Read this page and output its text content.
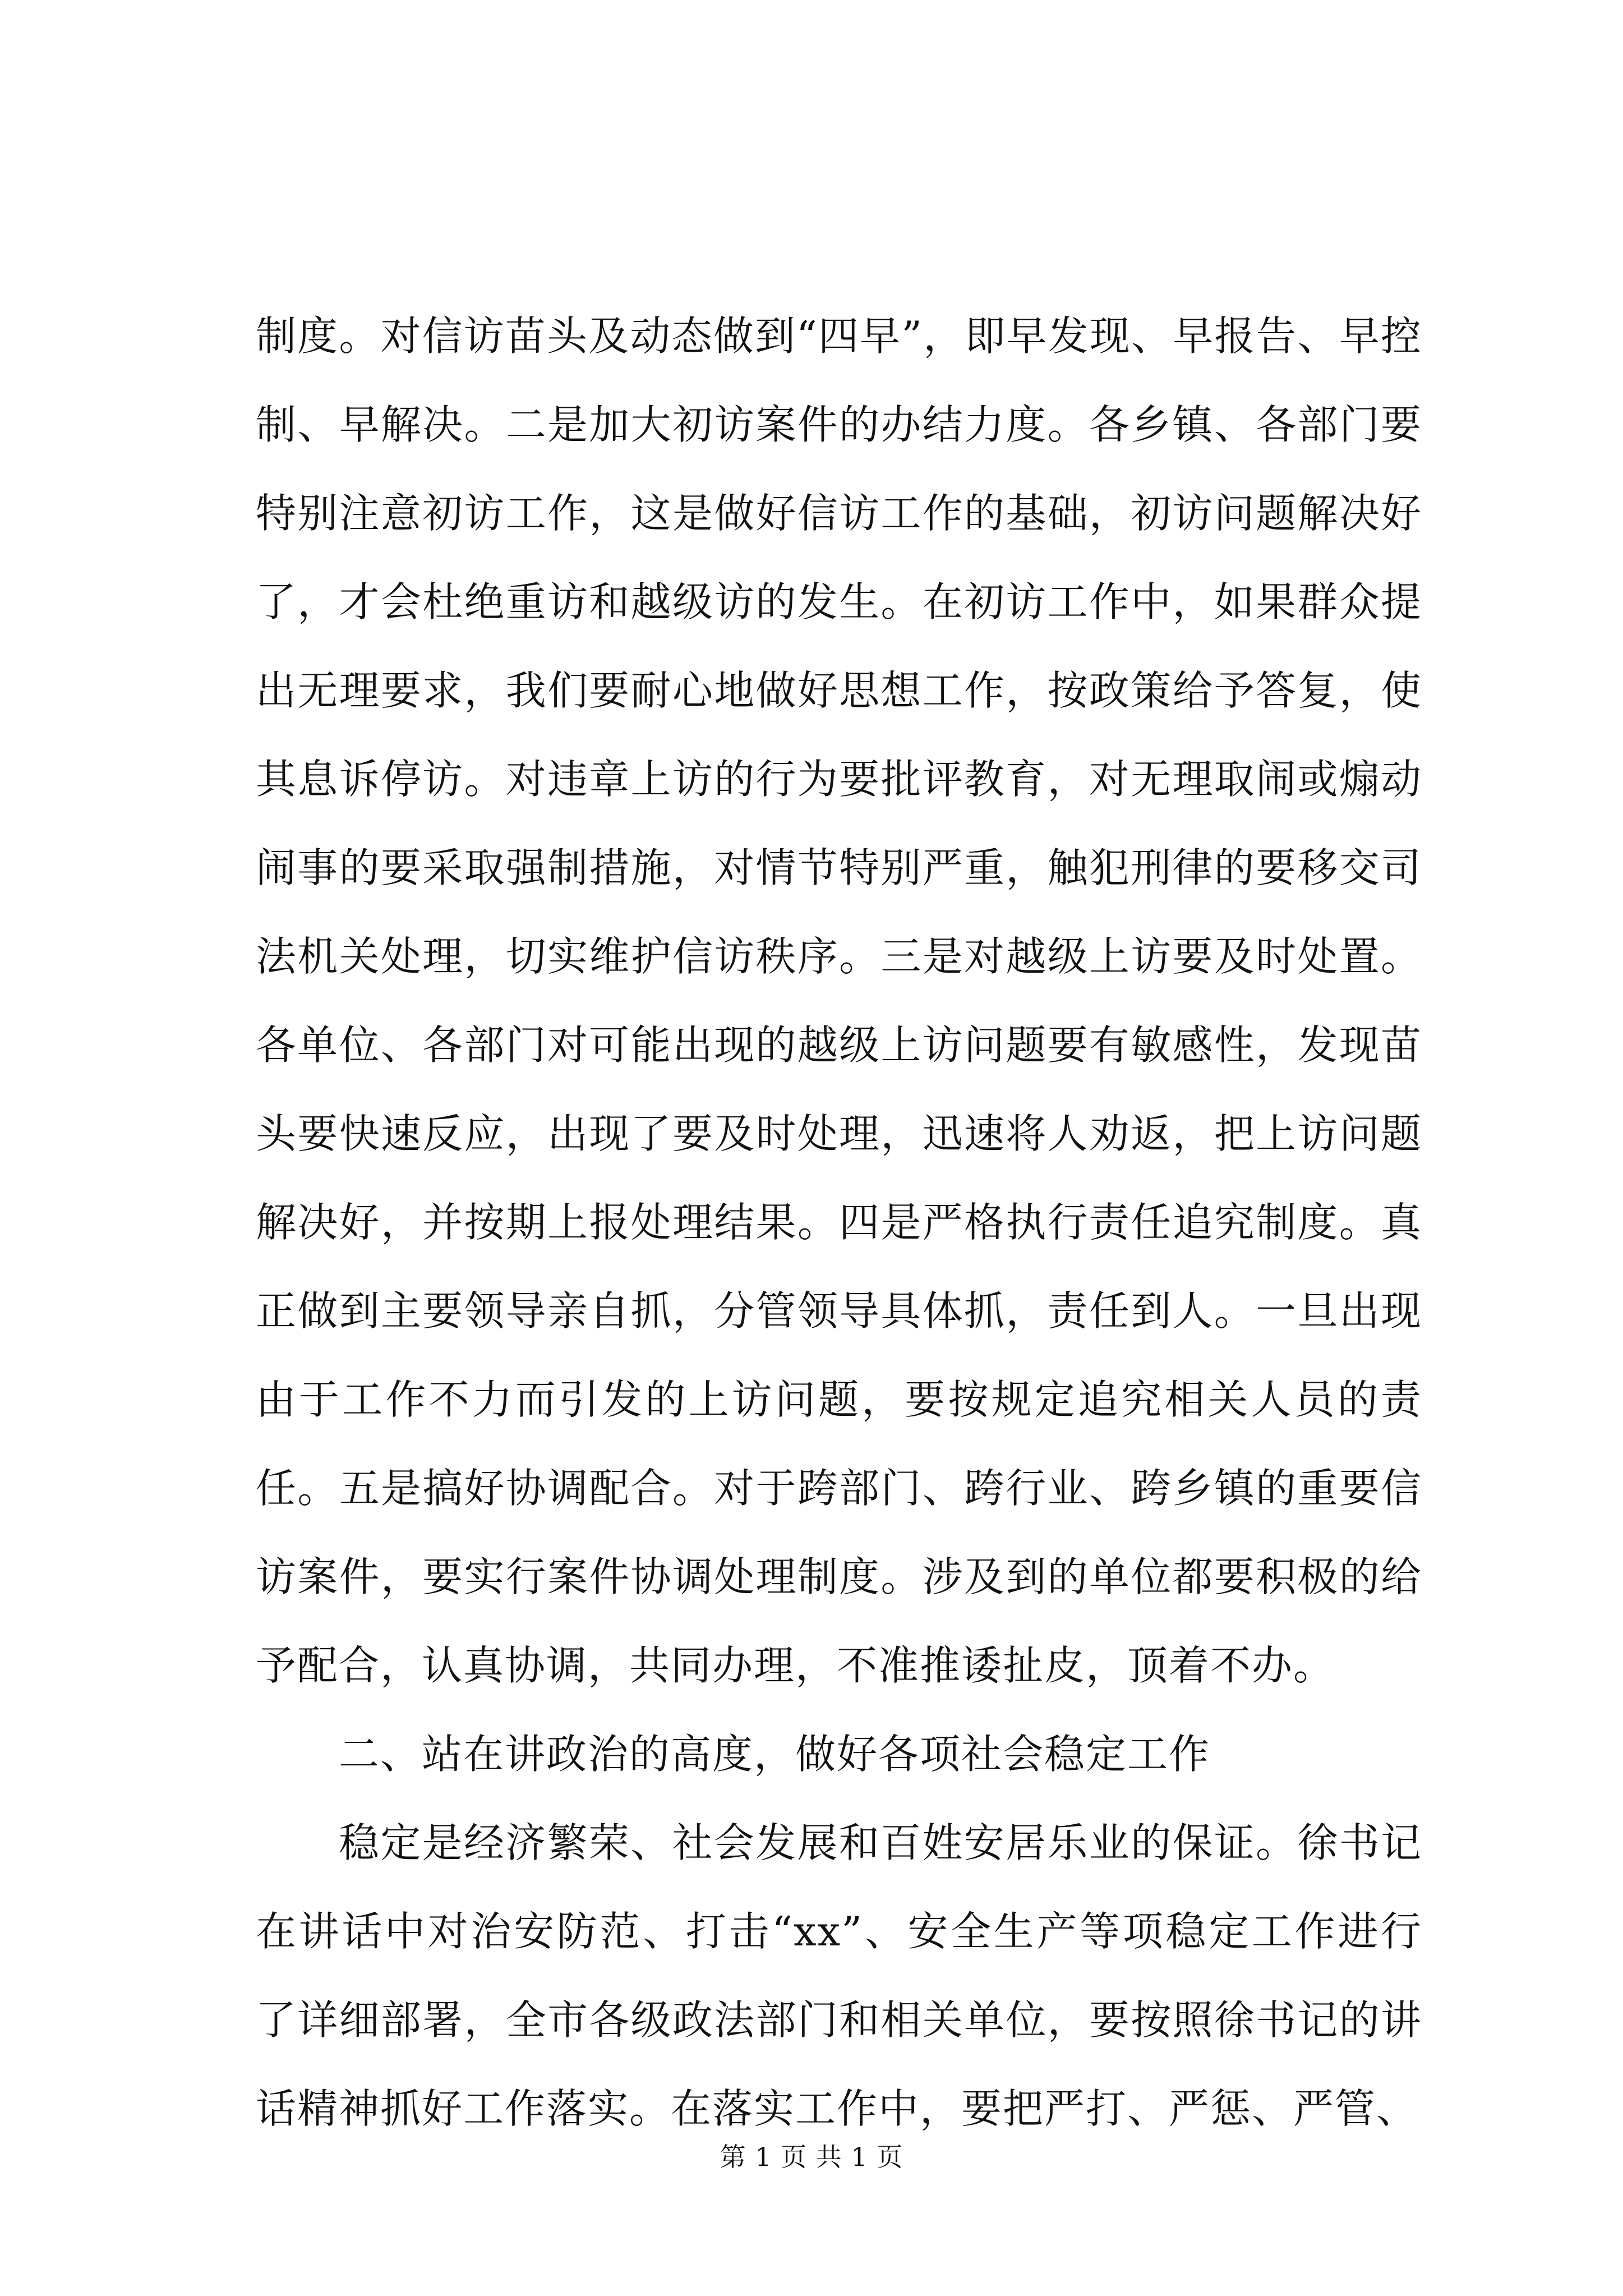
制度。对信访苗头及动态做到“四早”，即早发现、早报告、早控制、早解决。二是加大初访案件的办结力度。各乡镇、各部门要特别注意初访工作，这是做好信访工作的基础，初访问题解决好了，才会杜绝重访和越级访的发生。在初访工作中，如果群众提出无理要求，我们要耐心地做好思想工作，按政策给予答复，使其息诉停访。对违章上访的行为要批评教育，对无理取闹或煽动闹事的要采取强制措施，对情节特别严重，触犯刑律的要移交司法机关处理，切实维护信访秩序。三是对越级上访要及时处置。各单位、各部门对可能出现的越级上访问题要有敏感性，发现苗头要快速反应，出现了要及时处理，迅速将人劝返，把上访问题解决好，并按期上报处理结果。四是严格执行责任追究制度。真正做到主要领导亲自抓，分管领导具体抓，责任到人。一旦出现由于工作不力而引发的上访问题，要按规定追究相关人员的责任。五是搞好协调配合。对于跨部门、跨行业、跨乡镇的重要信访案件，要实行案件协调处理制度。涉及到的单位都要积极的给予配合，认真协调，共同办理，不准推诿扯皮，顶着不办。

二、站在讲政治的高度，做好各项社会稳定工作

稳定是经济繁荣、社会发展和百姓安居乐业的保证。徐书记在讲话中对治安防范、打击“xx”、安全生产等项稳定工作进行了详细部署，全市各级政法部门和相关单位，要按照徐书记的讲话精神抓好工作落实。在落实工作中，要把严打、严惩、严管、

第 1 页 共 1 页
